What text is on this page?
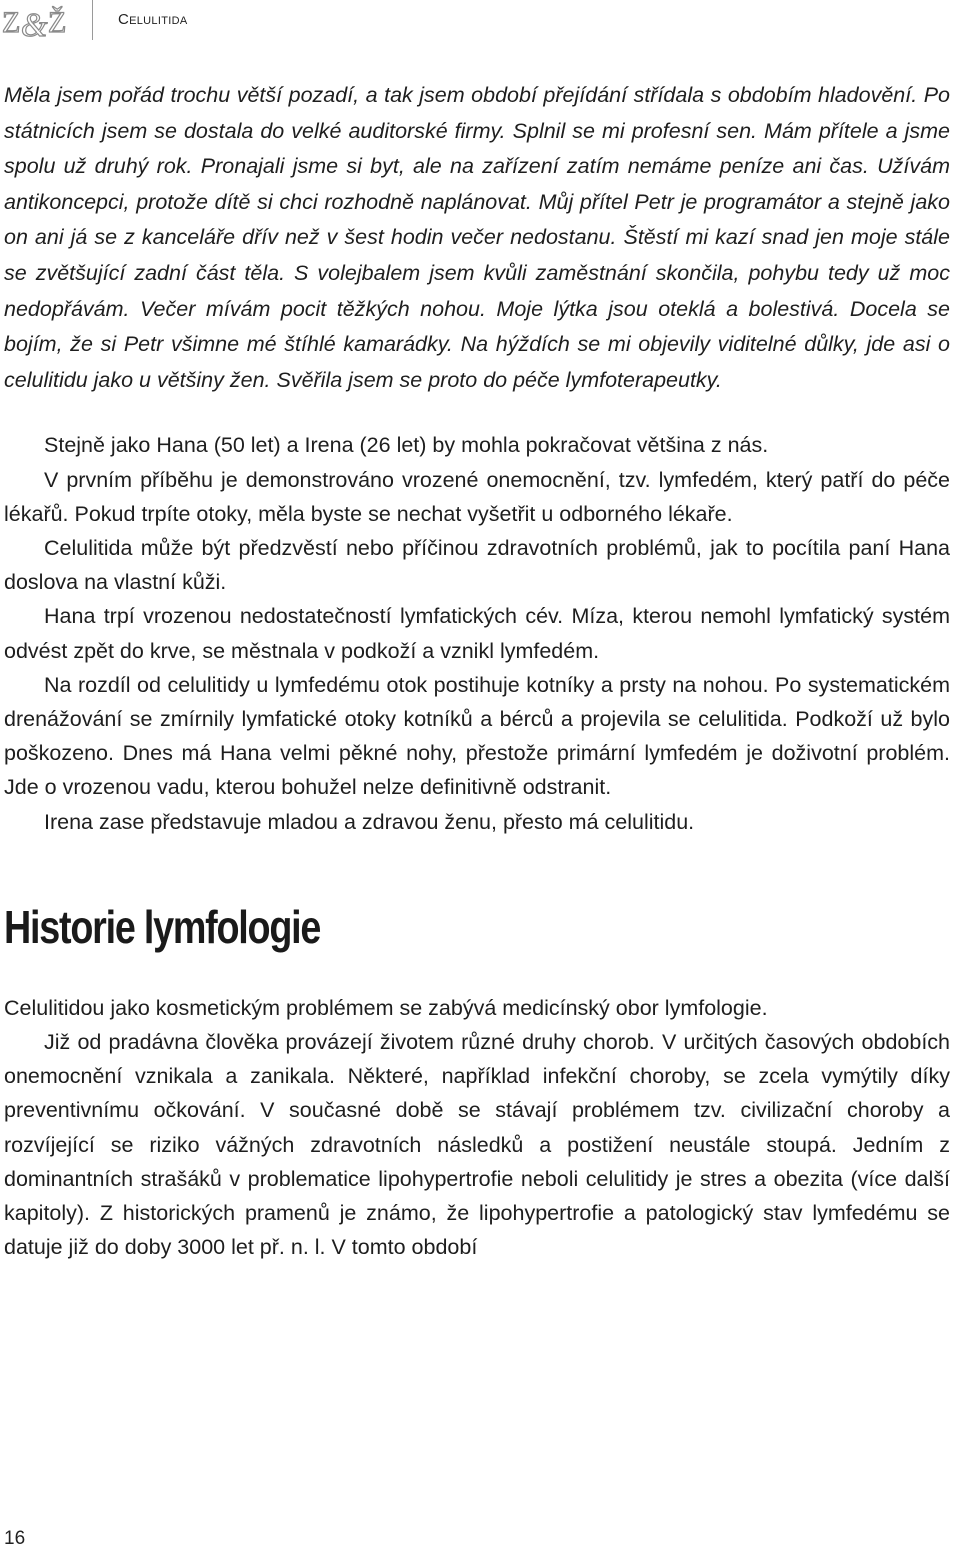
Z & Ž	Celulitida

Měla jsem pořád trochu větší pozadí, a tak jsem období přejídání střídala s obdobím hladovění. Po státnicích jsem se dostala do velké auditorské firmy. Splnil se mi profesní sen. Mám přítele a jsme spolu už druhý rok. Pronajali jsme si byt, ale na zařízení zatím nemáme peníze ani čas. Užívám antikoncepci, protože dítě si chci rozhodně naplánovat. Můj přítel Petr je programátor a stejně jako on ani já se z kanceláře dřív než v šest hodin večer nedostanu. Štěstí mi kazí snad jen moje stále se zvětšující zadní část těla. S volejbalem jsem kvůli zaměstnání skončila, pohybu tedy už moc nedopřávám. Večer mívám pocit těžkých nohou. Moje lýtka jsou oteklá a bolestivá. Docela se bojím, že si Petr všimne mé štíhlé kamarádky. Na hýždích se mi objevily viditelné důlky, jde asi o celulitidu jako u většiny žen. Svěřila jsem se proto do péče lymfoterapeutky.

Stejně jako Hana (50 let) a Irena (26 let) by mohla pokračovat většina z nás.

V prvním příběhu je demonstrováno vrozené onemocnění, tzv. lymfedém, který patří do péče lékařů. Pokud trpíte otoky, měla byste se nechat vyšetřit u odborného lékaře.

Celulitida může být předzvěstí nebo příčinou zdravotních problémů, jak to pocítila paní Hana doslova na vlastní kůži.

Hana trpí vrozenou nedostatečností lymfatických cév. Míza, kterou nemohl lymfatický systém odvést zpět do krve, se městnala v podkoží a vznikl lymfedém.

Na rozdíl od celulitidy u lymfedému otok postihuje kotníky a prsty na nohou. Po systematickém drenážování se zmírnily lymfatické otoky kotníků a bérců a projevila se celulitida. Podkoží už bylo poškozeno. Dnes má Hana velmi pěkné nohy, přestože primární lymfedém je doživotní problém. Jde o vrozenou vadu, kterou bohužel nelze definitivně odstranit.

Irena zase představuje mladou a zdravou ženu, přesto má celulitidu.

Historie lymfologie

Celulitidou jako kosmetickým problémem se zabývá medicínský obor lymfologie.

Již od pradávna člověka provázejí životem různé druhy chorob. V určitých časových obdobích onemocnění vznikala a zanikala. Některé, například infekční choroby, se zcela vymýtily díky preventivnímu očkování. V současné době se stávají problémem tzv. civilizační choroby a rozvíjející se riziko vážných zdravotních následků a postižení neustále stoupá. Jedním z dominantních strašáků v problematice lipohypertrofie neboli celulitidy je stres a obezita (více další kapitoly). Z historických pramenů je známo, že lipohypertrofie a patologický stav lymfedému se datuje již do doby 3000 let př. n. l. V tomto období

16
